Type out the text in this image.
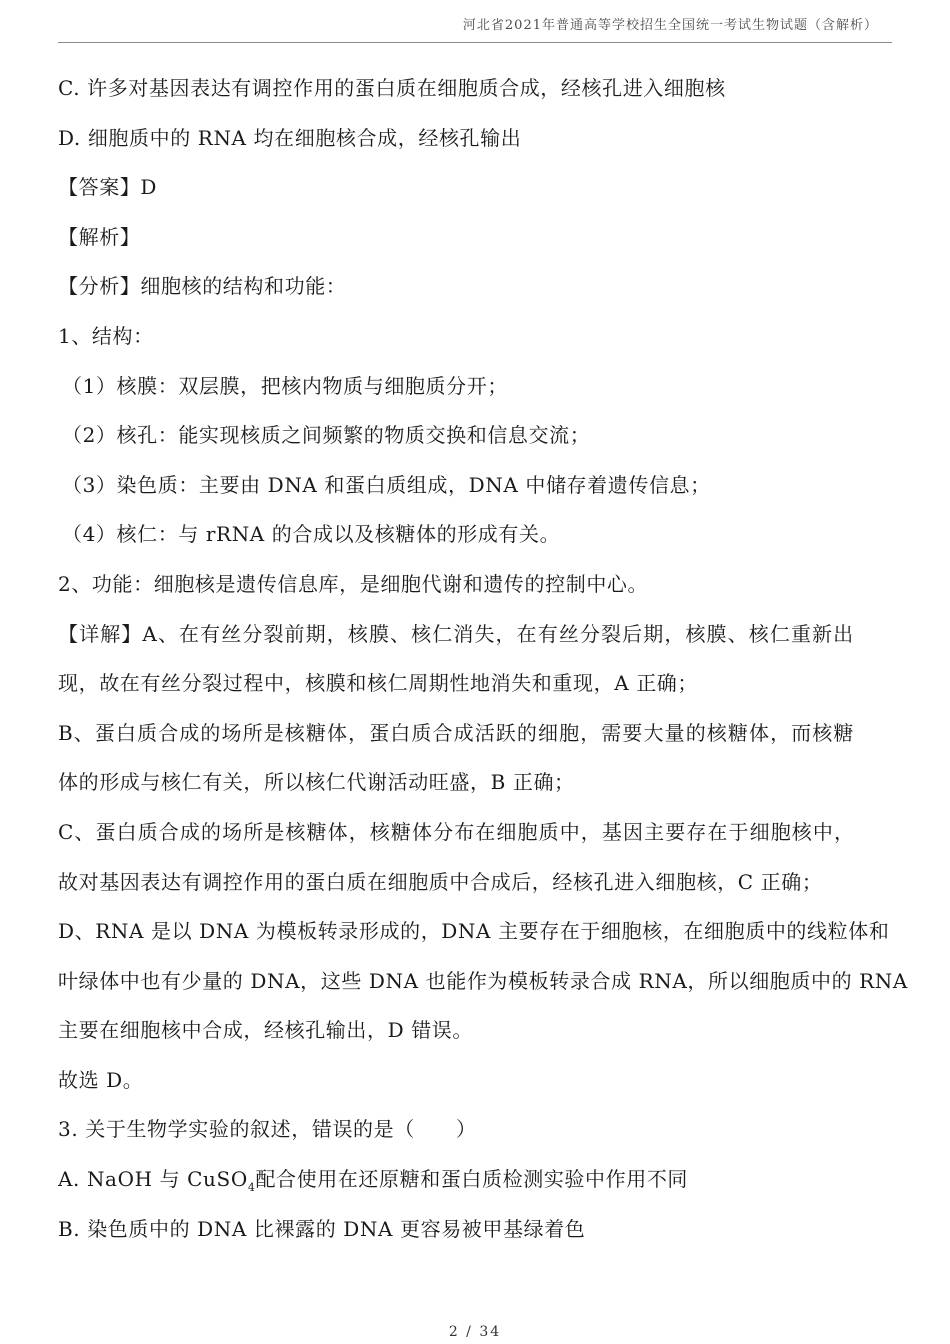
河北省2021年普通高等学校招生全国统一考试生物试题（含解析）
C. 许多对基因表达有调控作用的蛋白质在细胞质合成，经核孔进入细胞核
D. 细胞质中的 RNA 均在细胞核合成，经核孔输出
【答案】D
【解析】
【分析】细胞核的结构和功能：
1、结构：
（1）核膜：双层膜，把核内物质与细胞质分开；
（2）核孔：能实现核质之间频繁的物质交换和信息交流；
（3）染色质：主要由 DNA 和蛋白质组成，DNA 中储存着遗传信息；
（4）核仁：与 rRNA 的合成以及核糖体的形成有关。
2、功能：细胞核是遗传信息库，是细胞代谢和遗传的控制中心。
【详解】A、在有丝分裂前期，核膜、核仁消失，在有丝分裂后期，核膜、核仁重新出
现，故在有丝分裂过程中，核膜和核仁周期性地消失和重现，A 正确；
B、蛋白质合成的场所是核糖体，蛋白质合成活跃的细胞，需要大量的核糖体，而核糖
体的形成与核仁有关，所以核仁代谢活动旺盛，B 正确；
C、蛋白质合成的场所是核糖体，核糖体分布在细胞质中，基因主要存在于细胞核中，
故对基因表达有调控作用的蛋白质在细胞质中合成后，经核孔进入细胞核，C 正确；
D、RNA 是以 DNA 为模板转录形成的，DNA 主要存在于细胞核，在细胞质中的线粒体和
叶绿体中也有少量的 DNA，这些 DNA 也能作为模板转录合成 RNA，所以细胞质中的 RNA
主要在细胞核中合成，经核孔输出，D 错误。
故选 D。
3. 关于生物学实验的叙述，错误的是（　　）
A. NaOH 与 CuSO$_4$配合使用在还原糖和蛋白质检测实验中作用不同
B. 染色质中的 DNA 比裸露的 DNA 更容易被甲基绿着色
2 / 34
